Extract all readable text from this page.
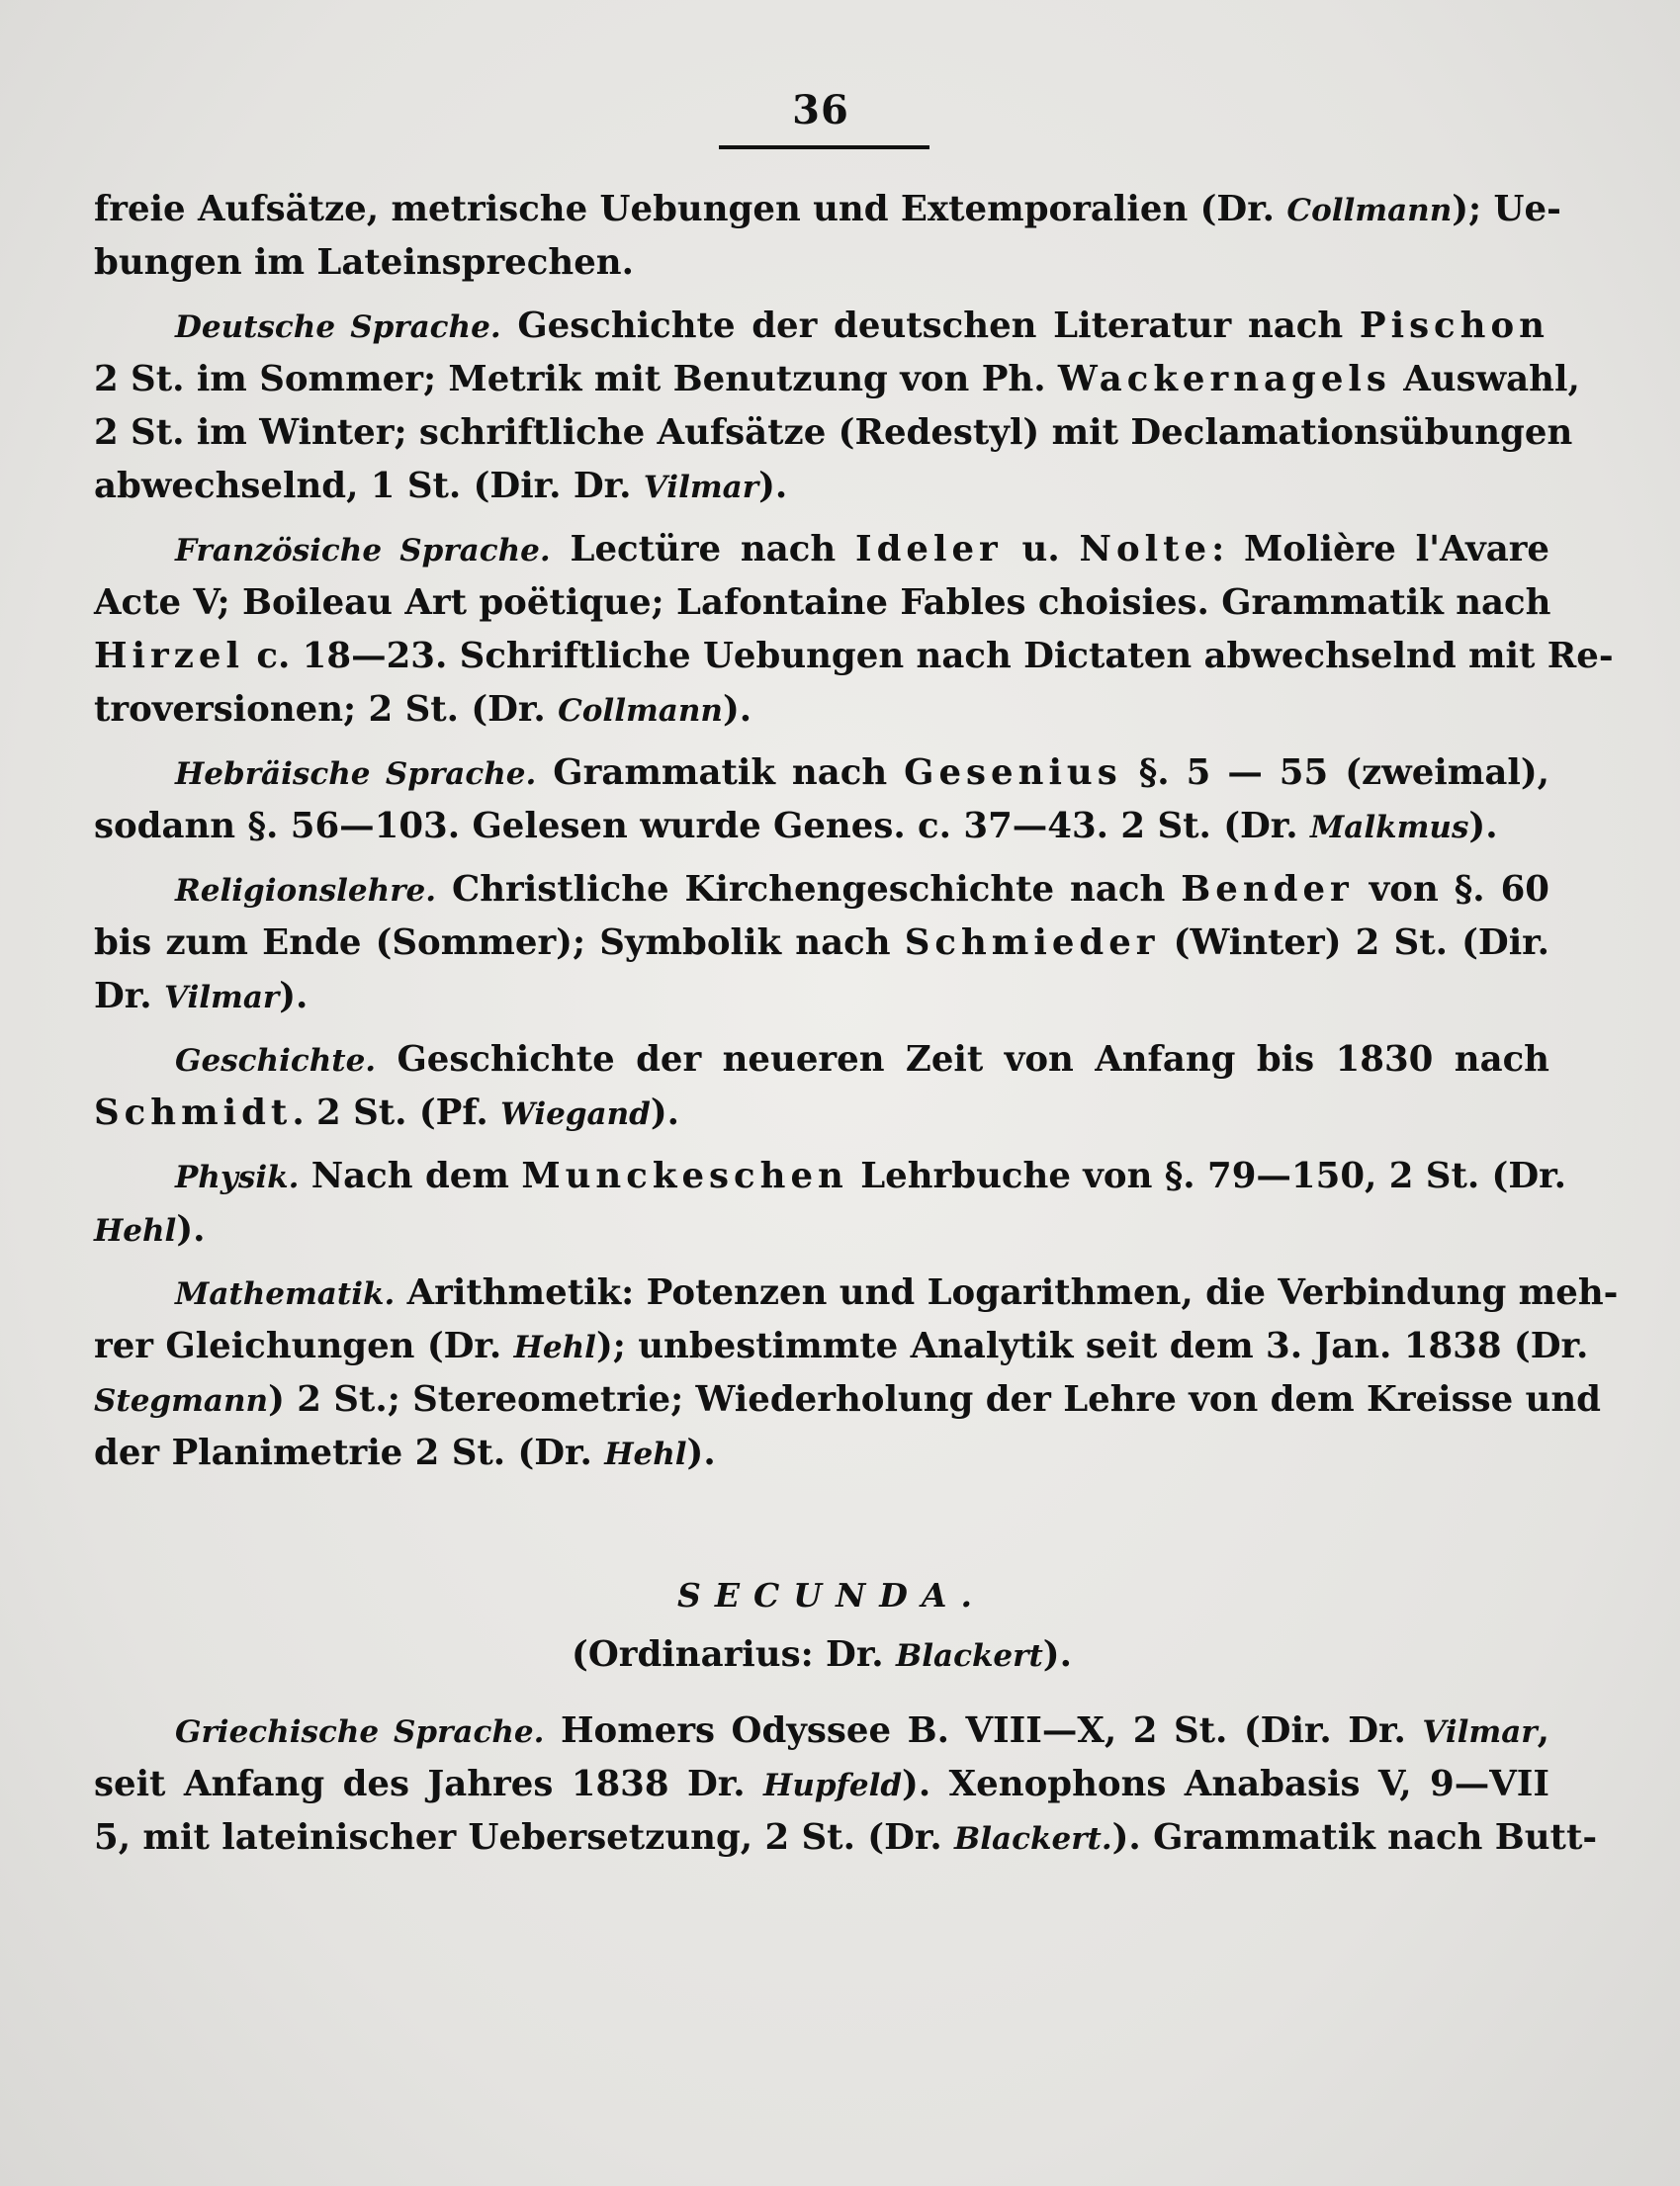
36
freie Aufsätze, metrische Uebungen und Extemporalien (Dr. Collmann); Ue-
bungen im Lateinsprechen.
Deutsche Sprache. Geschichte der deutschen Literatur nach Pischon
2 St. im Sommer; Metrik mit Benutzung von Ph. Wackernagels Auswahl,
2 St. im Winter; schriftliche Aufsätze (Redestyl) mit Declamationsübungen
abwechselnd, 1 St. (Dir. Dr. Vilmar).
Französiche Sprache. Lectüre nach Ideler u. Nolte: Molière l'Avare
Acte V; Boileau Art poëtique; Lafontaine Fables choisies. Grammatik nach
Hirzel c. 18—23. Schriftliche Uebungen nach Dictaten abwechselnd mit Re-
troversionen; 2 St. (Dr. Collmann).
Hebräische Sprache. Grammatik nach Gesenius §. 5 — 55 (zweimal),
sodann §. 56—103. Gelesen wurde Genes. c. 37—43. 2 St. (Dr. Malkmus).
Religionslehre. Christliche Kirchengeschichte nach Bender von §. 60
bis zum Ende (Sommer); Symbolik nach Schmieder (Winter) 2 St. (Dir.
Dr. Vilmar).
Geschichte. Geschichte der neueren Zeit von Anfang bis 1830 nach
Schmidt. 2 St. (Pf. Wiegand).
Physik. Nach dem Munckeschen Lehrbuche von §. 79—150, 2 St. (Dr.
Hehl).
Mathematik. Arithmetik: Potenzen und Logarithmen, die Verbindung meh-
rer Gleichungen (Dr. Hehl); unbestimmte Analytik seit dem 3. Jan. 1838 (Dr.
Stegmann) 2 St.; Stereometrie; Wiederholung der Lehre von dem Kreisse und
der Planimetrie 2 St. (Dr. Hehl).
SECUNDA.
(Ordinarius: Dr. Blackert).
Griechische Sprache. Homers Odyssee B. VIII—X, 2 St. (Dir. Dr. Vilmar,
seit Anfang des Jahres 1838 Dr. Hupfeld). Xenophons Anabasis V, 9—VII
5, mit lateinischer Uebersetzung, 2 St. (Dr. Blackert.). Grammatik nach Butt-
